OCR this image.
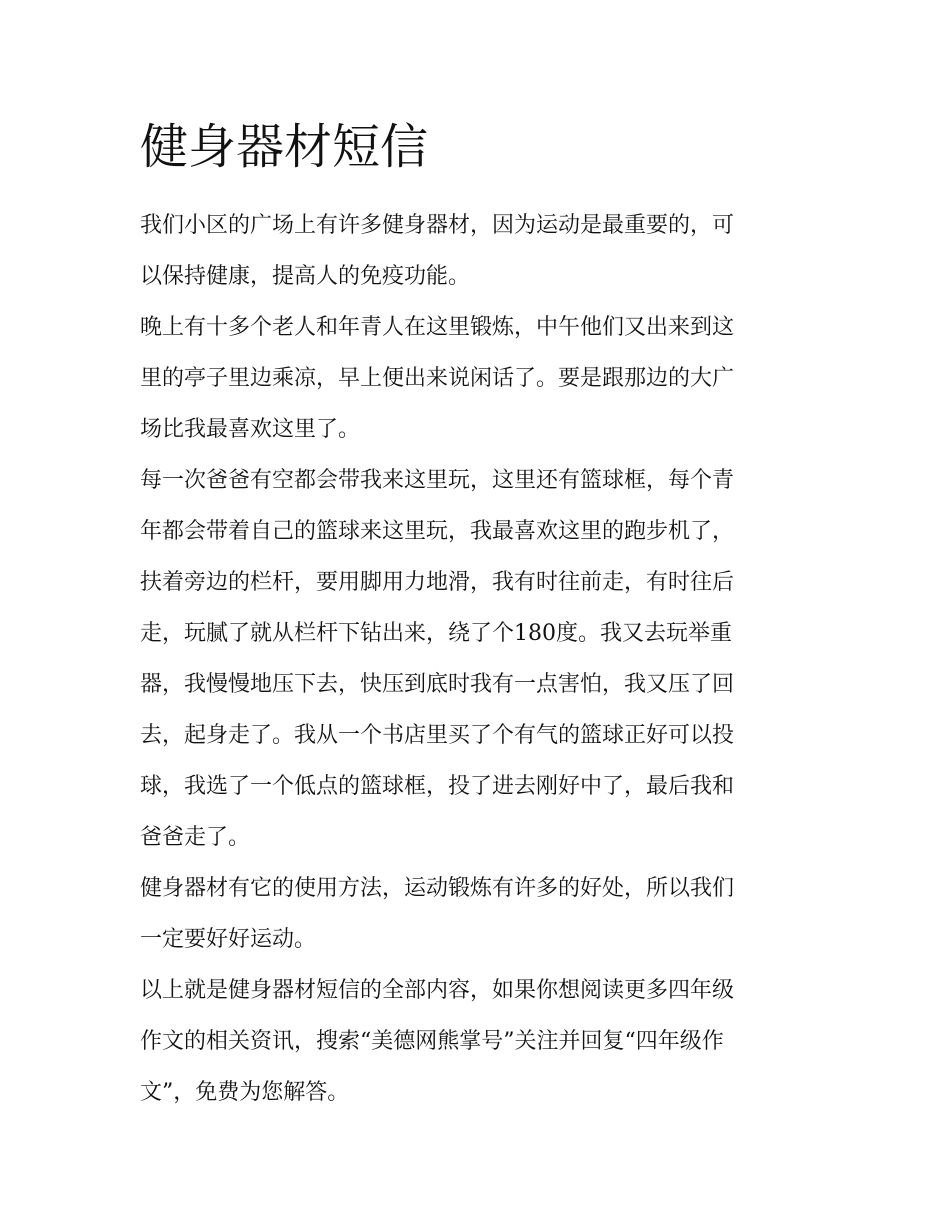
健身器材短信

我们小区的广场上有许多健身器材，因为运动是最重要的，可
以保持健康，提高人的免疫功能。

晚上有十多个老人和年青人在这里锻炼，中午他们又出来到这
里的亭子里边乘凉，早上便出来说闲话了。要是跟那边的大广
场比我最喜欢这里了。

每一次爸爸有空都会带我来这里玩，这里还有篮球框，每个青
年都会带着自己的篮球来这里玩，我最喜欢这里的跑步机了，
扶着旁边的栏杆，要用脚用力地滑，我有时往前走，有时往后
走，玩腻了就从栏杆下钻出来，绕了个180度。我又去玩举重
器，我慢慢地压下去，快压到底时我有一点害怕，我又压了回
去，起身走了。我从一个书店里买了个有气的篮球正好可以投
球，我选了一个低点的篮球框，投了进去刚好中了，最后我和
爸爸走了。

健身器材有它的使用方法，运动锻炼有许多的好处，所以我们
一定要好好运动。

以上就是健身器材短信的全部内容，如果你想阅读更多四年级
作文的相关资讯，搜索“美德网熊掌号”关注并回复“四年级作
文”，免费为您解答。
